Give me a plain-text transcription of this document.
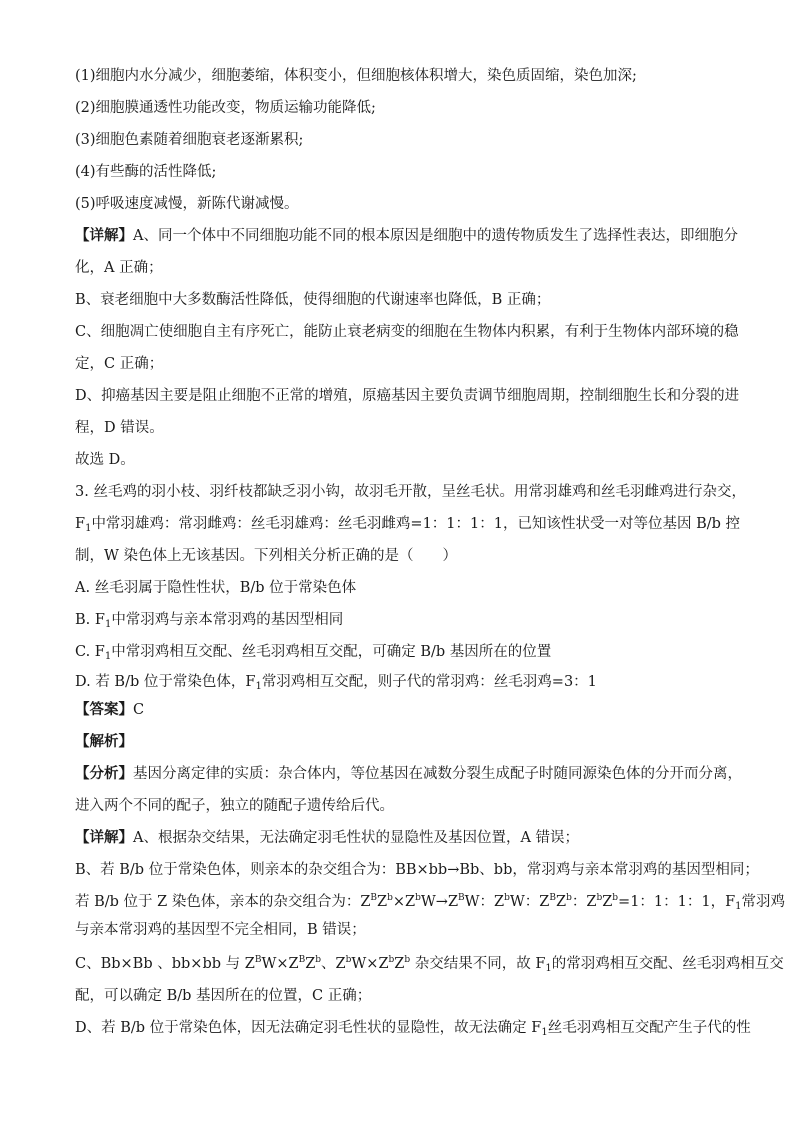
(1)细胞内水分减少，细胞萎缩，体积变小，但细胞核体积增大，染色质固缩，染色加深;
(2)细胞膜通透性功能改变，物质运输功能降低;
(3)细胞色素随着细胞衰老逐渐累积;
(4)有些酶的活性降低;
(5)呼吸速度减慢，新陈代谢减慢。
【详解】A、同一个体中不同细胞功能不同的根本原因是细胞中的遗传物质发生了选择性表达，即细胞分
化，A 正确；
B、衰老细胞中大多数酶活性降低，使得细胞的代谢速率也降低，B 正确；
C、细胞凋亡使细胞自主有序死亡，能防止衰老病变的细胞在生物体内积累，有利于生物体内部环境的稳
定，C 正确；
D、抑癌基因主要是阻止细胞不正常的增殖，原癌基因主要负责调节细胞周期，控制细胞生长和分裂的进
程，D 错误。
故选 D。
3. 丝毛鸡的羽小枝、羽纤枝都缺乏羽小钩，故羽毛开散，呈丝毛状。用常羽雄鸡和丝毛羽雌鸡进行杂交，
$F_1$中常羽雄鸡：常羽雌鸡：丝毛羽雄鸡：丝毛羽雌鸡=1：1：1：1，已知该性状受一对等位基因 B/b 控
制，W 染色体上无该基因。下列相关分析正确的是（　　）
A. 丝毛羽属于隐性性状，B/b 位于常染色体
B. $F_1$中常羽鸡与亲本常羽鸡的基因型相同
C. $F_1$中常羽鸡相互交配、丝毛羽鸡相互交配，可确定 B/b 基因所在的位置
D. 若 B/b 位于常染色体，$F_1$常羽鸡相互交配，则子代的常羽鸡：丝毛羽鸡=3：1
【答案】C
【解析】
【分析】基因分离定律的实质：杂合体内，等位基因在减数分裂生成配子时随同源染色体的分开而分离，
进入两个不同的配子，独立的随配子遗传给后代。
【详解】A、根据杂交结果，无法确定羽毛性状的显隐性及基因位置，A 错误；
B、若 B/b 位于常染色体，则亲本的杂交组合为：BB×bb→Bb、bb，常羽鸡与亲本常羽鸡的基因型相同；
若 B/b 位于 Z 染色体，亲本的杂交组合为：$Z^BZ^b\times Z^bW\to Z^BW$：$Z^bW$：$Z^BZ^b$：$Z^bZ^b=1$：1：1：1，$F_1$常羽鸡
与亲本常羽鸡的基因型不完全相同，B 错误；
C、Bb×Bb 、bb×bb 与 $Z^BW\times Z^BZ^b$、$Z^bW\times Z^bZ^b$ 杂交结果不同，故 $F_1$的常羽鸡相互交配、丝毛羽鸡相互交
配，可以确定 B/b 基因所在的位置，C 正确；
D、若 B/b 位于常染色体，因无法确定羽毛性状的显隐性，故无法确定 $F_1$丝毛羽鸡相互交配产生子代的性
